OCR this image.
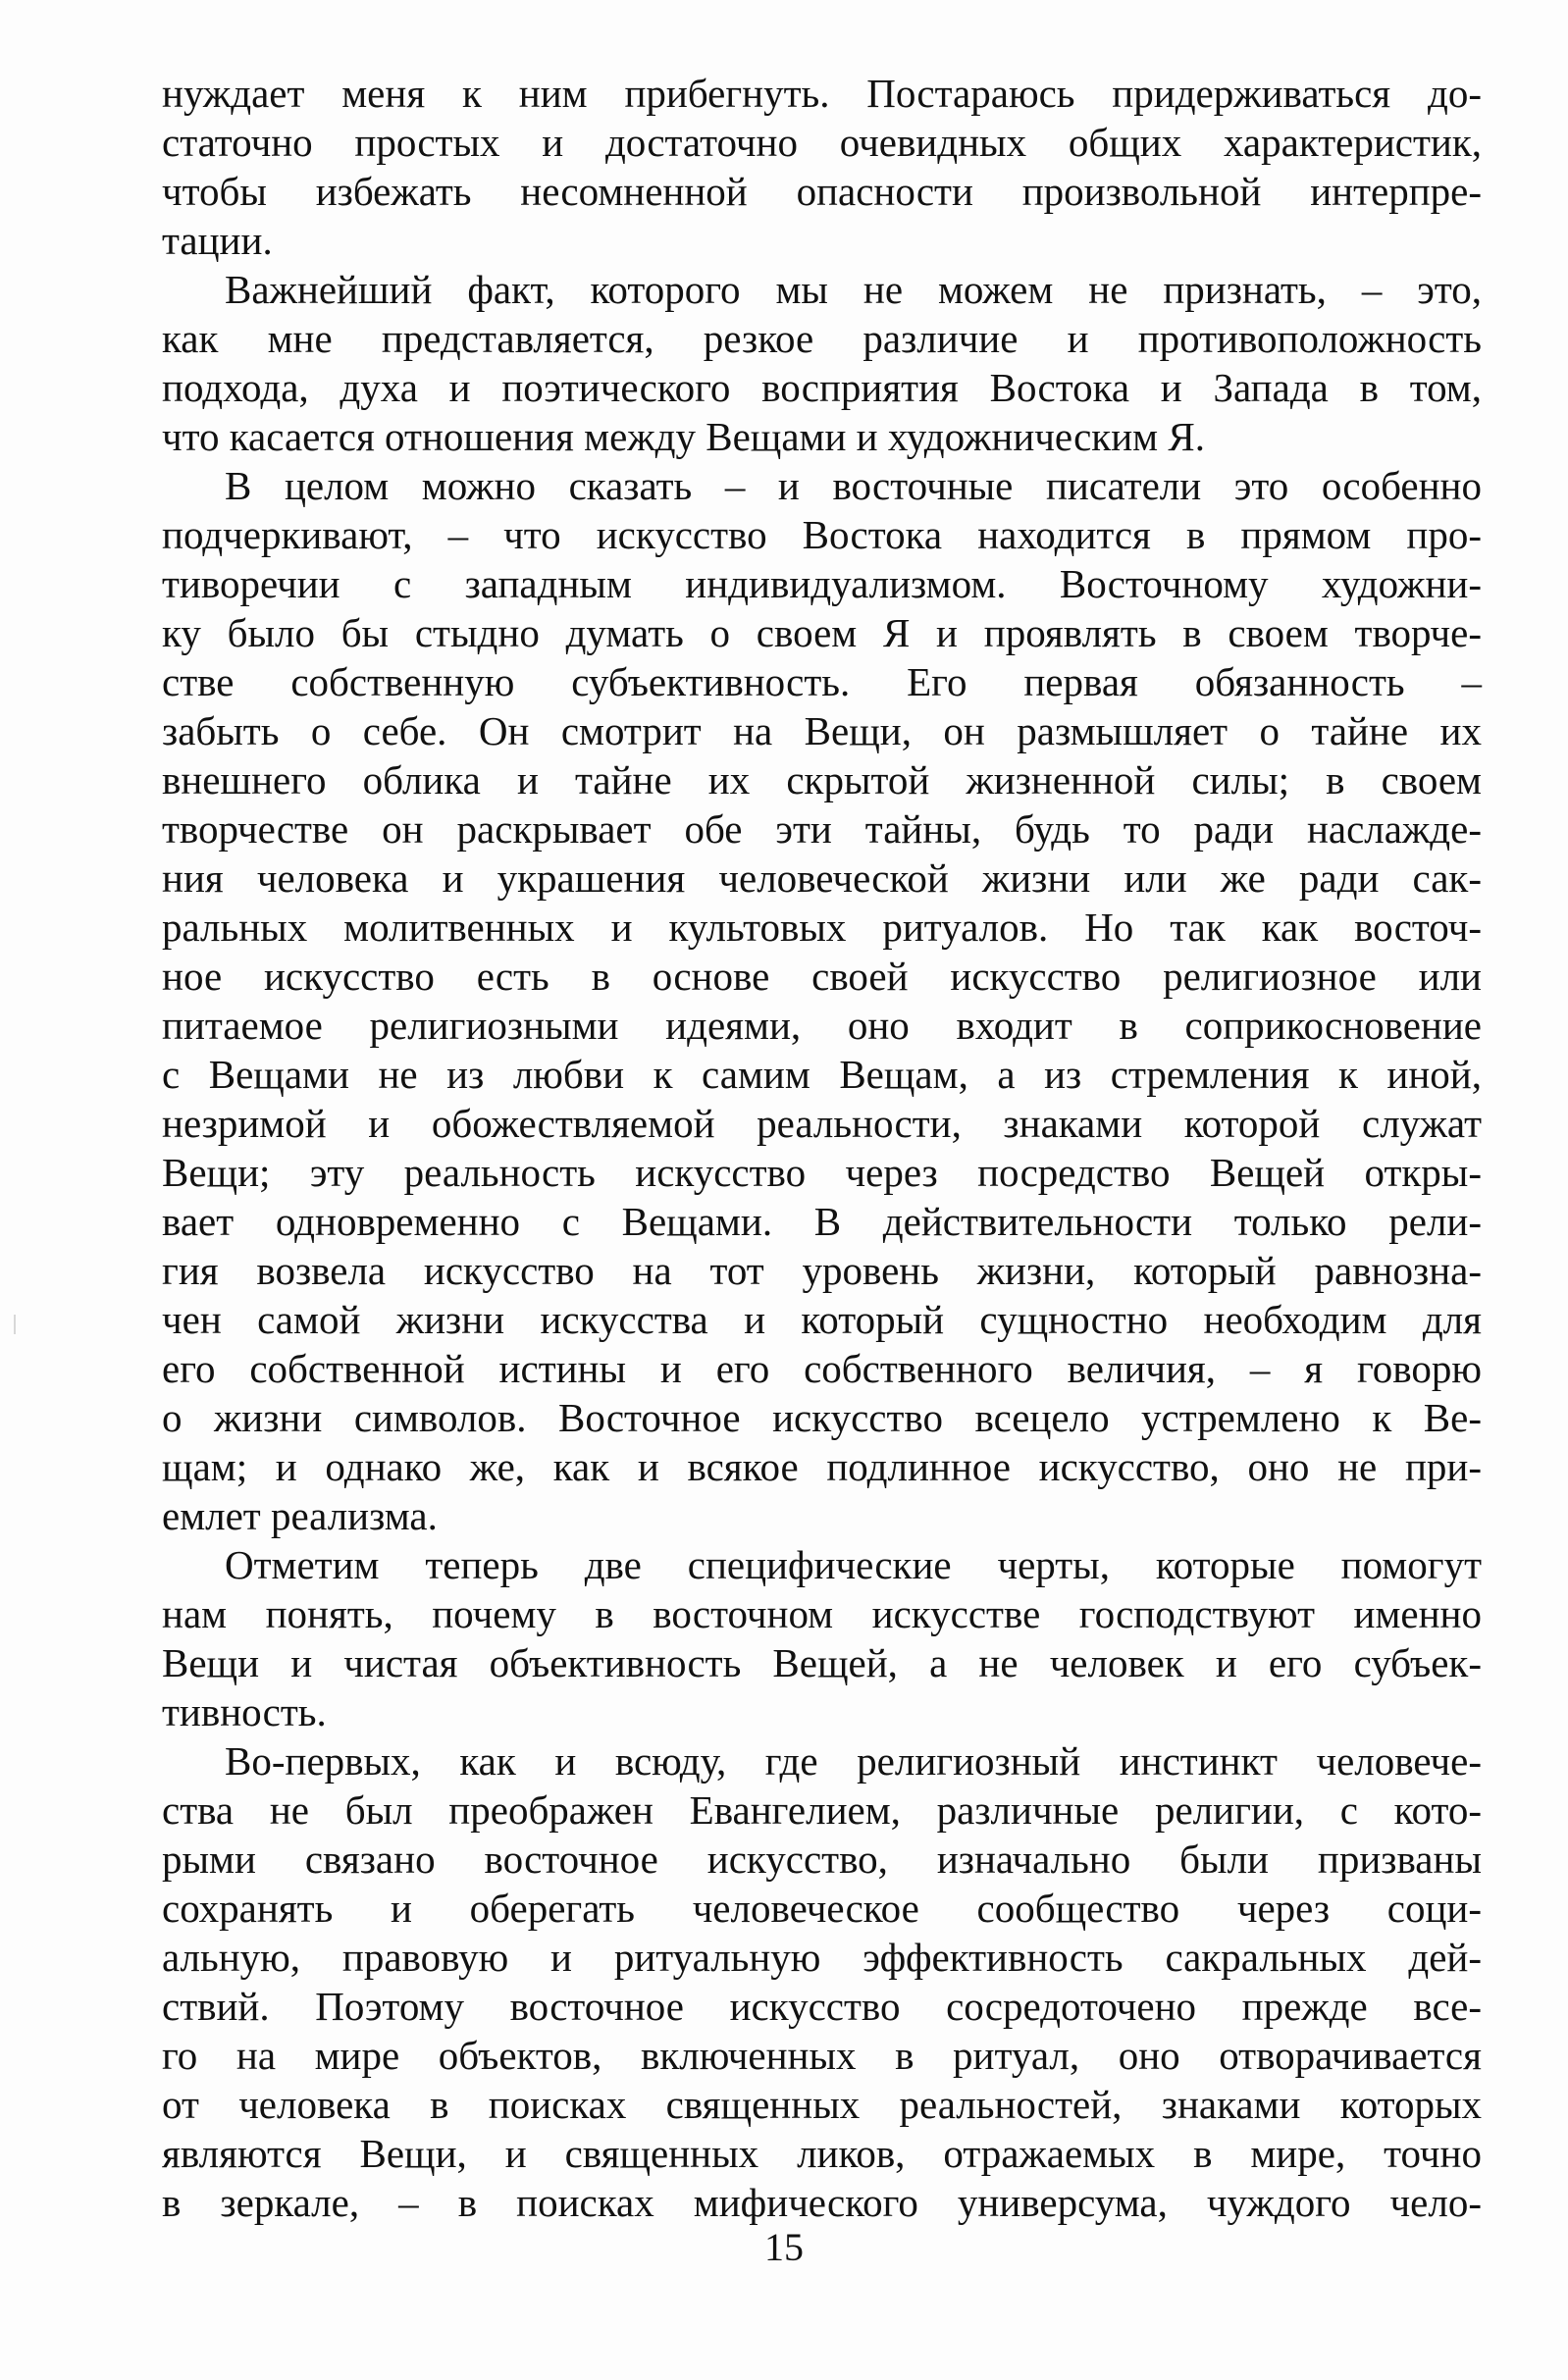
нуждает меня к ним прибегнуть. Постараюсь придерживаться до-
статочно простых и достаточно очевидных общих характеристик,
чтобы избежать несомненной опасности произвольной интерпре-
тации.
Важнейший факт, которого мы не можем не признать, – это,
как мне представляется, резкое различие и противоположность
подхода, духа и поэтического восприятия Востока и Запада в том,
что касается отношения между Вещами и художническим Я.
В целом можно сказать – и восточные писатели это особенно
подчеркивают, – что искусство Востока находится в прямом про-
тиворечии с западным индивидуализмом. Восточному художни-
ку было бы стыдно думать о своем Я и проявлять в своем творче-
стве собственную субъективность. Его первая обязанность –
забыть о себе. Он смотрит на Вещи, он размышляет о тайне их
внешнего облика и тайне их скрытой жизненной силы; в своем
творчестве он раскрывает обе эти тайны, будь то ради наслажде-
ния человека и украшения человеческой жизни или же ради сак-
ральных молитвенных и культовых ритуалов. Но так как восточ-
ное искусство есть в основе своей искусство религиозное или
питаемое религиозными идеями, оно входит в соприкосновение
с Вещами не из любви к самим Вещам, а из стремления к иной,
незримой и обожествляемой реальности, знаками которой служат
Вещи; эту реальность искусство через посредство Вещей откры-
вает одновременно с Вещами. В действительности только рели-
гия возвела искусство на тот уровень жизни, который равнозна-
чен самой жизни искусства и который сущностно необходим для
его собственной истины и его собственного величия, – я говорю
о жизни символов. Восточное искусство всецело устремлено к Ве-
щам; и однако же, как и всякое подлинное искусство, оно не при-
емлет реализма.
Отметим теперь две специфические черты, которые помогут
нам понять, почему в восточном искусстве господствуют именно
Вещи и чистая объективность Вещей, а не человек и его субъек-
тивность.
Во-первых, как и всюду, где религиозный инстинкт человече-
ства не был преображен Евангелием, различные религии, с кото-
рыми связано восточное искусство, изначально были призваны
сохранять и оберегать человеческое сообщество через соци-
альную, правовую и ритуальную эффективность сакральных дей-
ствий. Поэтому восточное искусство сосредоточено прежде все-
го на мире объектов, включенных в ритуал, оно отворачивается
от человека в поисках священных реальностей, знаками которых
являются Вещи, и священных ликов, отражаемых в мире, точно
в зеркале, – в поисках мифического универсума, чуждого чело-
15
